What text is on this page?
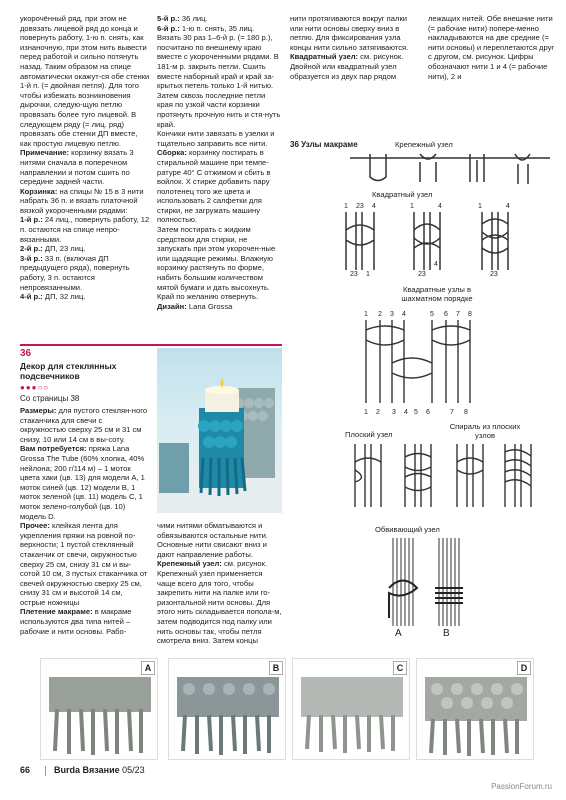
укорочённый ряд, при этом не довязать лицевой ряд до конца и повернуть работу, 1-ю п. снять, как изнаночную, при этом нить вывести перед работой и сильно потянуть назад. Таким образом на спице автоматически окажут-ся обе стенки 1-й п. (= двойная петля). Для того чтобы избежать возникновения дырочки, следую-щую петлю провязать более туго лицевой. В следующем ряду (= лиц. ряд) провязать обе стенки ДП вместе, как простую лицевую петлю.

Примечание: корзинку вязать 3 нитями сначала в поперечном направлении и потом сшить по середине задней части.

Корзинка: на спицы № 15 в 3 нити набрать 36 п. и вязать платочной вязкой укороченными рядами:

1-й р.: 24 лиц., повернуть работу, 12 п. остаются на спице непро-вязанными.

2-й р.: ДП, 23 лиц.

3-й р.: 33 п. (включая ДП предыдущего ряда), повернуть работу, 3 п. остаются непровязанными.

4-й р.: ДП, 32 лиц.

5-й р.: 36 лиц.

6-й р.: 1-ю п. снять, 35 лиц.

Вязать 30 раз 1–6-й р. (= 180 р.), посчитано по внешнему краю вместе с укороченными рядами. В 181-м р. закрыть петли. Сшить вместе наборный край и край за-крытых петель только 1-й нитью. Затем сквозь последние петли края по узкой части корзинки протянуть прочную нить и стя-нуть край.

Кончики нити завязать в узелки и тщательно заправить все нити.

Сборка: корзинку постирать в стиральной машине при темпе-ратуре 40° С отжимом и сбить в войлок. Х стирке добавить пару полотенец того же цвета и использовать 2 салфетки для стирки, не загружать машину полностью.

Затем постирать с жидким средством для стирки, не запускать при этом укорочен-ные или щадящие режимы. Влажную корзинку растянуть по форме, набить большим количеством мятой бумаги и дать высохнуть.

Край по желанию отвернуть.

Дизайн: Lana Grossa

нити протягиваются вокруг палки или нити основы сверху вниз в петлю. Для фиксирования узла концы нити сильно затягиваются.

Квадратный узел: см. рисунок. Двойной или квадратный узел образуется из двух пар рядом

лежащих нитей. Обе внешние нити (= рабочие нити) попере-менно накладываются на две средние (= нити основы) и переплетаются друг с другом, см. рисунок. Цифры обозначают нити 1 и 4 (= рабочие нити), 2 и

36
Декор для стеклянных подсвечников
●●●○○
Со страницы 38

Размеры: для пустого стеклян-ного стаканчика для свечи с окружностью сверху 25 см и 31 см снизу, 10 или 14 см в вы-соту.

Вам потребуется: пряжа Lana Grossa The Tube (60% хлопка, 40% нейлона; 200 г/114 м) – 1 моток цвета хаки (цв. 13) для модели A, 1 моток синей (цв. 12) модели B, 1 моток зеленой (цв. 11) модель C, 1 моток зелено-голубой (цв. 10) модель D.

Прочее: клейкая лента для укрепления пряжи на ровной по-верхности; 1 пустой стеклянный стаканчик от свечи, окружностью сверху 25 см, снизу 31 см и вы-сотой 10 см, 3 пустых стаканчика от свечей окружностью сверху 25 см, снизу 31 см и высотой 14 см, острые ножницы

Плетение макраме: в макраме используются два типа нитей – рабочие и нити основы. Рабо-

чими нитями обматываются и обвязываются остальные нити. Основные нити свисают вниз и дают направление работы.

Крепежный узел: см. рисунок. Крепежный узел применяется чаще всего для того, чтобы закрепить нити на палке или го-ризонтальной нити основы. Для этого нить складывается попола-м, затем подводится под палку или нить основы так, чтобы петля смотрела вниз. Затем концы

36 Узлы макраме	Крепежный узел
Квадратный узел
1 23 4
23 1
1	4
23
4
1	4
23
Квадратные узлы в шахматном порядке
1 2 3 4	5 6 7 8
1 2 3 4 5 6	7 8
Плоский узел
Спираль из плоских узлов
Обвивающий узел
A	B
A	B	C	D
66	Burda Вязание 05/23
PassionForum.ru
